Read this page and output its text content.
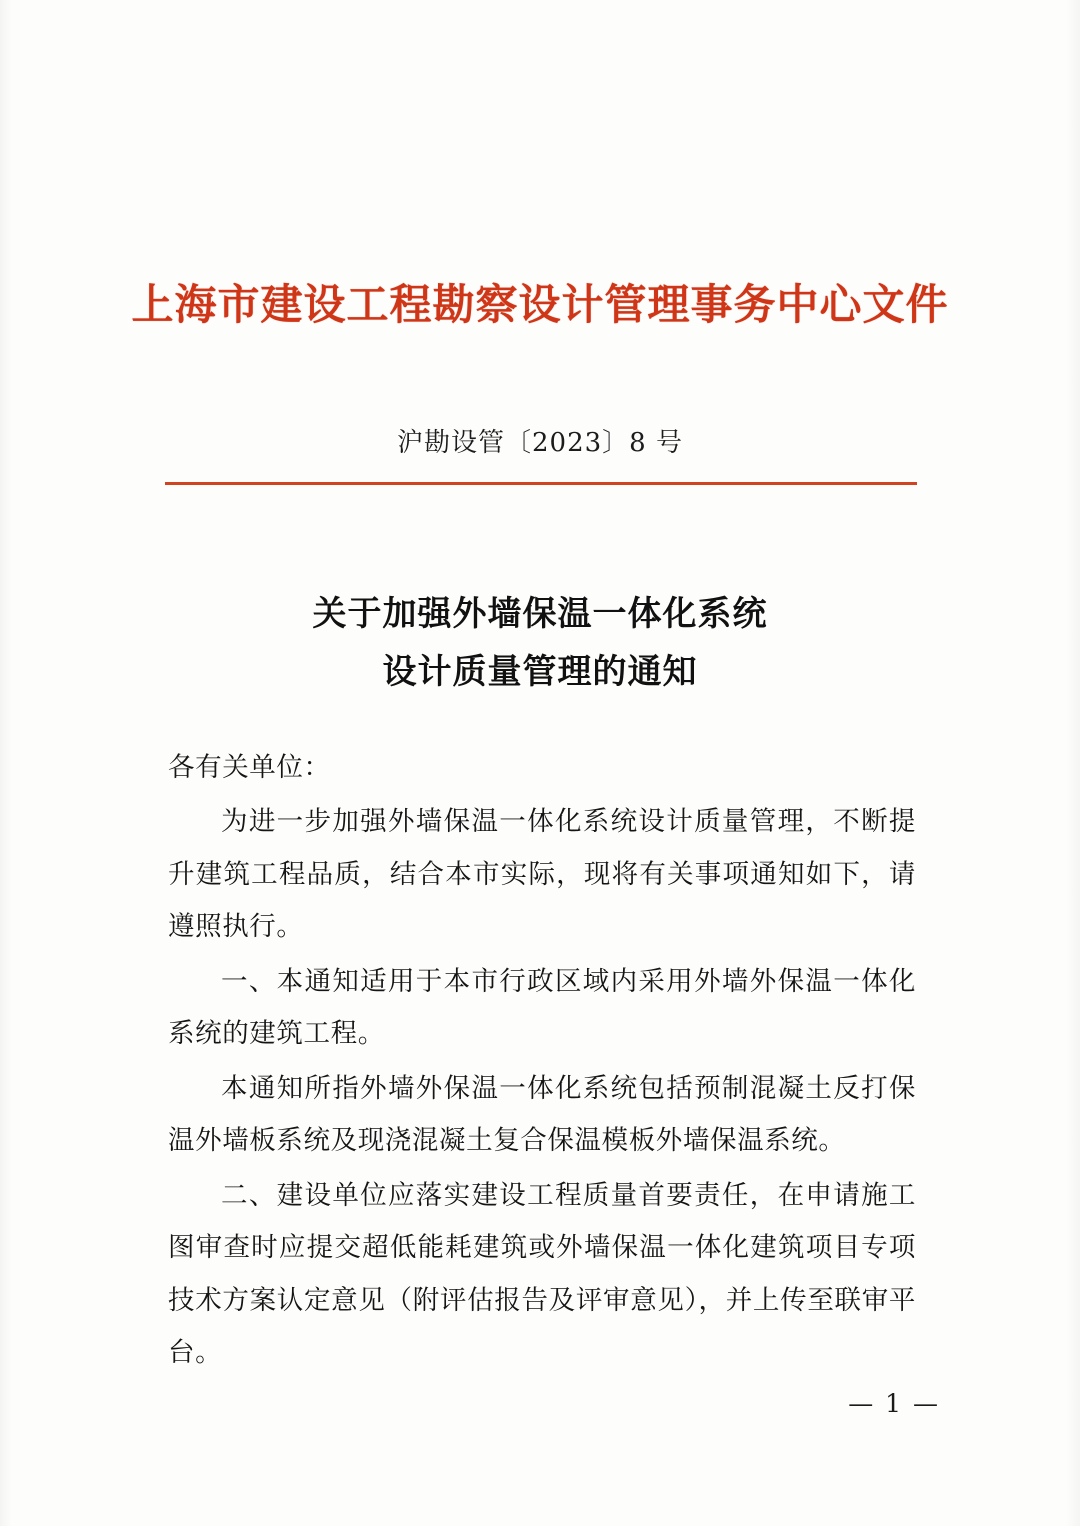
上海市建设工程勘察设计管理事务中心文件
沪勘设管〔2023〕8 号
关于加强外墙保温一体化系统
设计质量管理的通知

各有关单位：

为进一步加强外墙保温一体化系统设计质量管理，不断提升建筑工程品质，结合本市实际，现将有关事项通知如下，请遵照执行。

一、本通知适用于本市行政区域内采用外墙外保温一体化系统的建筑工程。

本通知所指外墙外保温一体化系统包括预制混凝土反打保温外墙板系统及现浇混凝土复合保温模板外墙保温系统。

二、建设单位应落实建设工程质量首要责任，在申请施工图审查时应提交超低能耗建筑或外墙保温一体化建筑项目专项技术方案认定意见（附评估报告及评审意见），并上传至联审平台。

— 1 —
